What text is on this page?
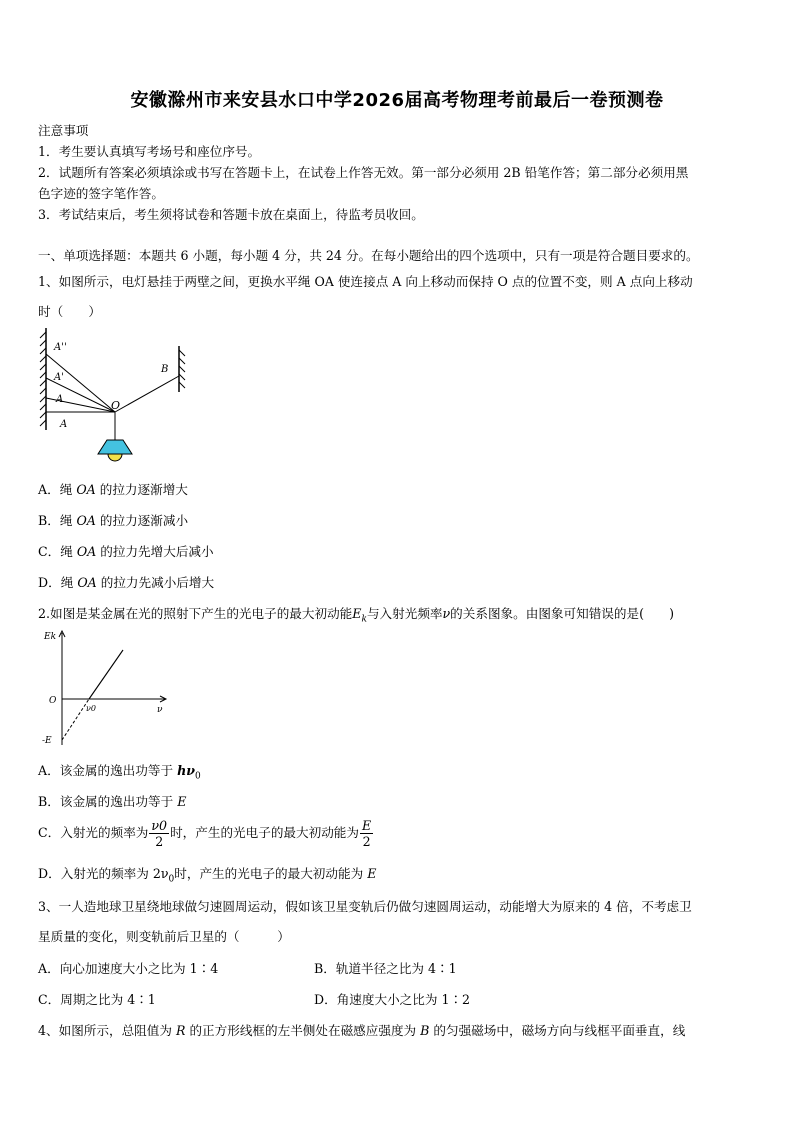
安徽滁州市来安县水口中学2026届高考物理考前最后一卷预测卷
注意事项
1．考生要认真填写考场号和座位序号。
2．试题所有答案必须填涂或书写在答题卡上，在试卷上作答无效。第一部分必须用 2B 铅笔作答；第二部分必须用黑
色字迹的签字笔作答。
3．考试结束后，考生须将试卷和答题卡放在桌面上，待监考员收回。
一、单项选择题：本题共 6 小题，每小题 4 分，共 24 分。在每小题给出的四个选项中，只有一项是符合题目要求的。
1、如图所示，电灯悬挂于两壁之间，更换水平绳 OA 使连接点 A 向上移动而保持 O 点的位置不变，则 A 点向上移动
时（　　）
A''
A'
A
A
O
B
A．绳 OA 的拉力逐渐增大
B．绳 OA 的拉力逐渐减小
C．绳 OA 的拉力先增大后减小
D．绳 OA 的拉力先减小后增大
2.如图是某金属在光的照射下产生的光电子的最大初动能$E_k$与入射光频率ν的关系图象。由图象可知错误的是(　　)
Ek
ν
O
ν0
-E
A．该金属的逸出功等于 $h\nu_0$
B．该金属的逸出功等于 E
C．入射光的频率为 $\frac{\nu 0}{2}$ 时，产生的光电子的最大初动能为 $\frac{E}{2}$
D．入射光的频率为 $2\nu_0$时，产生的光电子的最大初动能为 E
3、一人造地球卫星绕地球做匀速圆周运动，假如该卫星变轨后仍做匀速圆周运动，动能增大为原来的 4 倍，不考虑卫
星质量的变化，则变轨前后卫星的（　　　）
A．向心加速度大小之比为 1∶4	B．轨道半径之比为 4∶1
C．周期之比为 4∶1	D．角速度大小之比为 1∶2
4、如图所示，总阻值为 R 的正方形线框的左半侧处在磁感应强度为 B 的匀强磁场中，磁场方向与线框平面垂直，线
